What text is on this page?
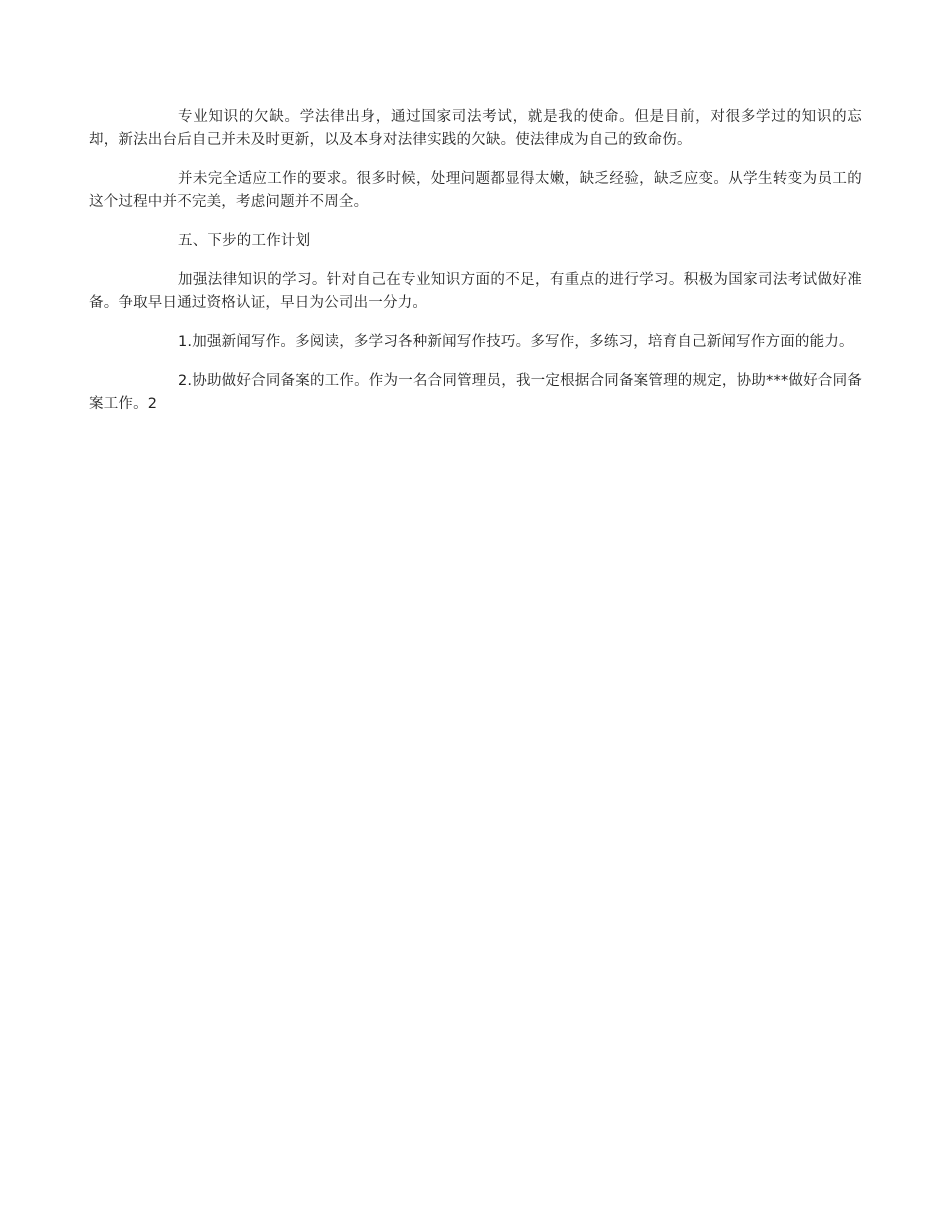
专业知识的欠缺。学法律出身，通过国家司法考试，就是我的使命。但是目前，对很多学过的知识的忘却，新法出台后自己并未及时更新，以及本身对法律实践的欠缺。使法律成为自己的致命伤。

并未完全适应工作的要求。很多时候，处理问题都显得太嫩，缺乏经验，缺乏应变。从学生转变为员工的这个过程中并不完美，考虑问题并不周全。

五、下步的工作计划

加强法律知识的学习。针对自己在专业知识方面的不足，有重点的进行学习。积极为国家司法考试做好准备。争取早日通过资格认证，早日为公司出一分力。

1.加强新闻写作。多阅读，多学习各种新闻写作技巧。多写作，多练习，培育自己新闻写作方面的能力。

2.协助做好合同备案的工作。作为一名合同管理员，我一定根据合同备案管理的规定，协助***做好合同备案工作。2
